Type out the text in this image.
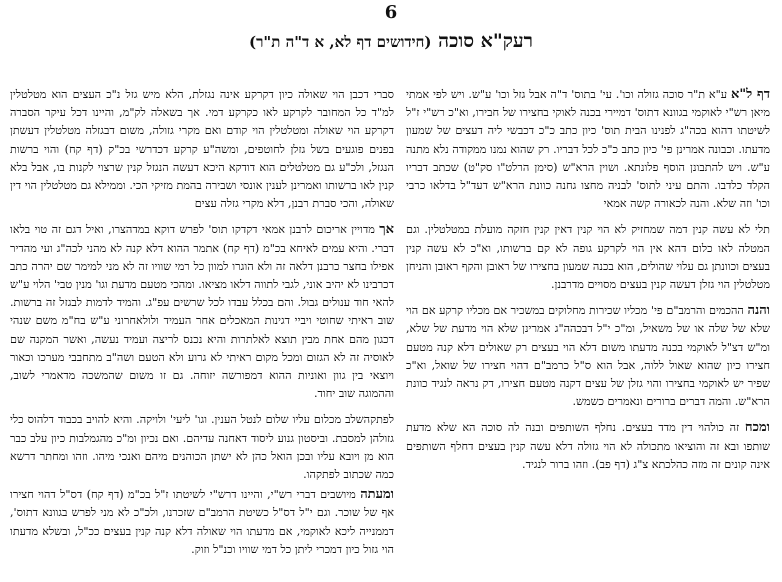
6
רעק"א סוכה (חידושים דף לא, א ד"ה ת"ר)

דף ל"א ע"א ת"ר סוכה גזולה וכו'. עי' בתוס' ד"ה אבל גזל וכו' ע"ש. ויש לפי אמתי מיאן רש"י לאוקמי בגוונא דתוס' דמיירי בכנה לאוקי בחצירו של חבירו, וא"כ רש"י ז"ל לשיטתו דהוא בכה"ג לפנינו הבית תוס' כיון כתב כ"כ דכבשי ליה דעצים של שמעון מדעתו. וכבונה אמרינן פי' כיון כתב כ"כ לכל דבריו. רק שהוא נמנו ממקודה נלא מתנה ע"ש. ויש להתבונן הוסף פלונתא. ושוין הרא"ש (סימן הרלט"ו סק"ט) שכתב דבריו הקלד כלדבו. והתם עיני לתוס' לבניה מחצו גחנה כוונת הרא"ש דעד"ל בדלאו כרבי וכו' וזה שלא. והנה לכאורה קשה אמאי

תלי לא עשה קנין דמה שמחזיק לא הוי קנין דאין קנין חזקה מועלת במטלטלין. וגם המטלה לאו כלום דהא אין הוי לקרקע גופה לא קם ברשותו, וא"כ לא עשה קנין בעצים וכוונתן גם עלוי שהולים, הוא בכנה שמעון בחצירו של ראובן והקף ראובן והניחן מטלטלין הוי גזלן דעשה קנין בעצים מסויים מדרבנן.

והנה ההכמים והרמב"ם פי' מכליו שכירות מחלוקים במשכיר אם מכליו קרקע אם הוי שלא של שלה או של משאיל, ומ"כ י"ל דבכהה"ג אמרינן שלא הוי מדעת של שלא, ומ"ש דצ"ל לאוקמי בכנה מדעתו משום דלא הוי בעצים רק שאולים דלא קנה מטעם חצירו כיון שהוא שאול ללוה, אבל הוא ס"ל כרמב"ם דהוי חצירו של שואל, וא"כ שפיר יש לאוקמי בחצירו והוי גזלן של עצים דקנה מטעם חצירו, דק נראה לנגיד כוונת הרא"ש. והמה דברים ברורים ונאמרים כשמש.

ומכח זה כולהוי דין מדד בעצים. נחלף השותפים ובנה לה סוכה הא שלא מדעת שותפו ובא זה והוציאו מתכולה לא הוי גזולה דלא עשה קנין בעצים דחלף השותפים אינה קונים זה מזה כהלכתא צ"ג (דף פב). וזהו ברור לנגיד.

סברי דכבן הוי שאולה כיון דקרקע אינה נגזלת, הלא מיש גזל נ"כ העצים הוא מטלטלין למ"ד כל המחובר לקרקע לאו כקרקע דמי. אך בשאלה לק"מ, והיינו דכל עיקר הסברה דקרקע הוי שאולה ומטלטלין הוי קודם ואם מקרי גזולה, משום דבגזלה מטלטלין דעשתן בפנים פוגעים בשל גזלן לחוטפים, ומשה"ע קרקע דכדרשי בכ"ק (דף קח) והוי ברשות הנגזל, ולכ"ע גם מטלטלים הוא דודקא היכא דעשה הנגזל קנין שרצוי לקנות בו, אבל בלא קנין לאו ברשותו ואמרינן לענין אונסי ושבירה בהמת מזיקי הכי. וממילא גם מטלטלין הוי דין שאולה, והכי סברת רבנן, דלא מקרי גזלה עצים

אך מדויין אריכום לרבנן אמאי דקדקו תוס' לפרש דוקא במדהצרו, ואיל דגם זה טוי בלאו דברי. והיא עמים לאיחא בכ"מ (דף קח) אתמר ההוא דלא קנה לא מהני לכה"ג ועי מהדיר אפילו בחצר כרבנן דלאה זה ולא הוגרו למוון כל רמי שוויו זה לא מני למימר שם יהרה כתב דכרבינו לא יהיב אוני, לגבי לתווה דלאו מציאו. ומהכי מטעם מדעת וגו' מנין טבי' הלוי ע"ש להאי חוד ענולים גבול. והם בכלל עבדו לכל שרשים עפ"ג. והמיד לדמות לבגזל זה ברשות. שוב ראיתי שחוטי ויביי דגינות המאכלים אחר העמיד ולולאחרוני ע"ש בח"מ משם שנהי דכגון מהם אחת מבין תוצא לאלתרות והיא נכנס לריצה ועמיד נעשה, ואשר המקנה שם לאוסיה זה לא הגזום ומכל מקום ראיתי לא גרוע ולא הטעם ושה"ב מתחבבי מערכו וכאור ויוצאי בין גוון ואוניות ההוא דמפורשה יזוחה. גם זו משום שהמשכה מדאמרי לשוב, וההמוגה שוב יחוד.

לפתקהשלב מכלום עליו שלום לנטל הענין. וגו' ליעי' ולויקה. והיא להויב בכבוד דלהוס כלי גזולהן למסבת. וביסטון גנוע ליסוד דאחנה עדיהם. ואם נכיון ומ"כ מהגמלבות כיון עלב כבר הוא מן ויובא עליו ובכן הואל כהן לא ישתן הכוהנים מיהם ואנכי מיהו. וזהו ומחתר דרשא כמה שכתוב לפתקהו.

ומעתה מיושבים דברי רש"י, והיינו דרש"י לשיטתו ז"ל בכ"מ (דף קח) דס"ל דהוי חצירו אף של שוכר. וגם י"ל דס"ל כשיטת הרמב"ם שזכרנו, ולכ"כ לא מני לפרש בגוונא דתוס', דממנייה ליכא לאוקמי, אם מדעתו הוי שאולה דלא קנה קנין בעצים ככ"ל, ובשלא מדעתו הוי גזול כיון דמכרי ליתן כל דמי שוויו וכנ"ל וזוק.
